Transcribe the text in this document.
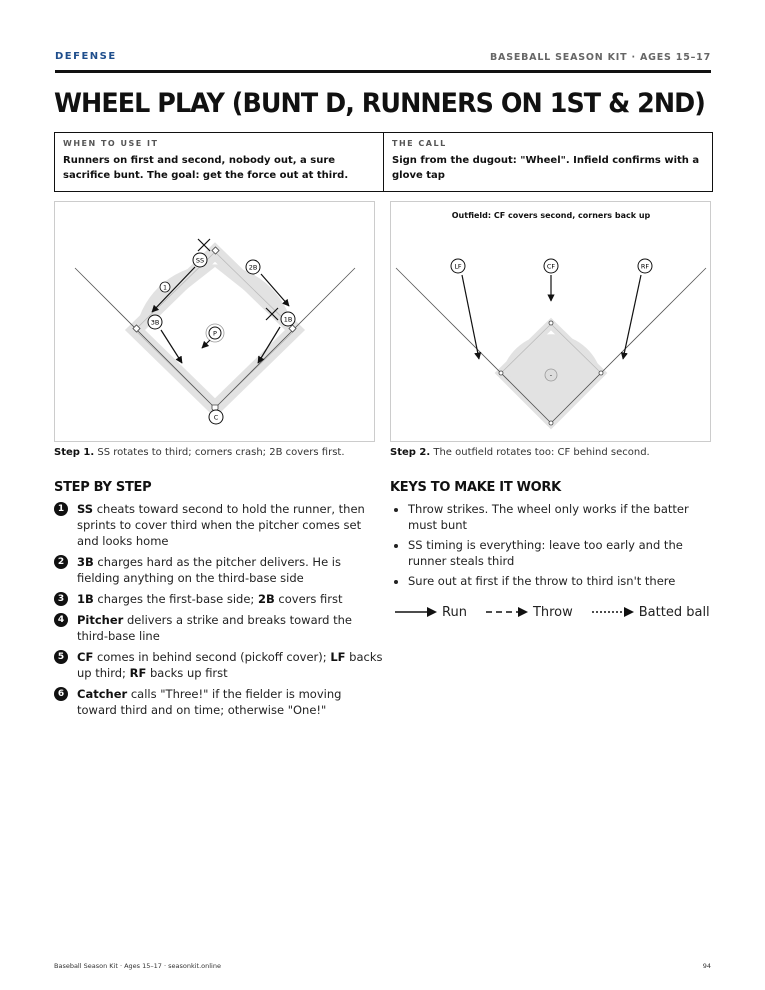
DEFENSE	BASEBALL SEASON KIT · AGES 15–17
WHEEL PLAY (BUNT D, RUNNERS ON 1ST & 2ND)
WHEN TO USE IT
Runners on first and second, nobody out, a sure sacrifice bunt. The goal: get the force out at third.
THE CALL
Sign from the dugout: "Wheel". Infield confirms with a glove tap
1
SS
2B
3B	1B
P
C
Outfield: CF covers second, corners back up
-
LF	CF	RF
Step 1. SS rotates to third; corners crash; 2B covers first.	Step 2. The outfield rotates too: CF behind second.
STEP BY STEP	KEYS TO MAKE IT WORK
1	SS cheats toward second to hold the runner, then sprints to cover third when the pitcher comes set and looks home
2	3B charges hard as the pitcher delivers. He is fielding anything on the third-base side
3	1B charges the first-base side; 2B covers first
4	Pitcher delivers a strike and breaks toward the third-base line
5	CF comes in behind second (pickoff cover); LF backs up third; RF backs up first
6	Catcher calls "Three!" if the fielder is moving toward third and on time; otherwise "One!"
• Throw strikes. The wheel only works if the batter must bunt
• SS timing is everything: leave too early and the runner steals third
• Sure out at first if the throw to third isn't there
Run	Throw	Batted ball
Baseball Season Kit · Ages 15–17 · seasonkit.online	94
